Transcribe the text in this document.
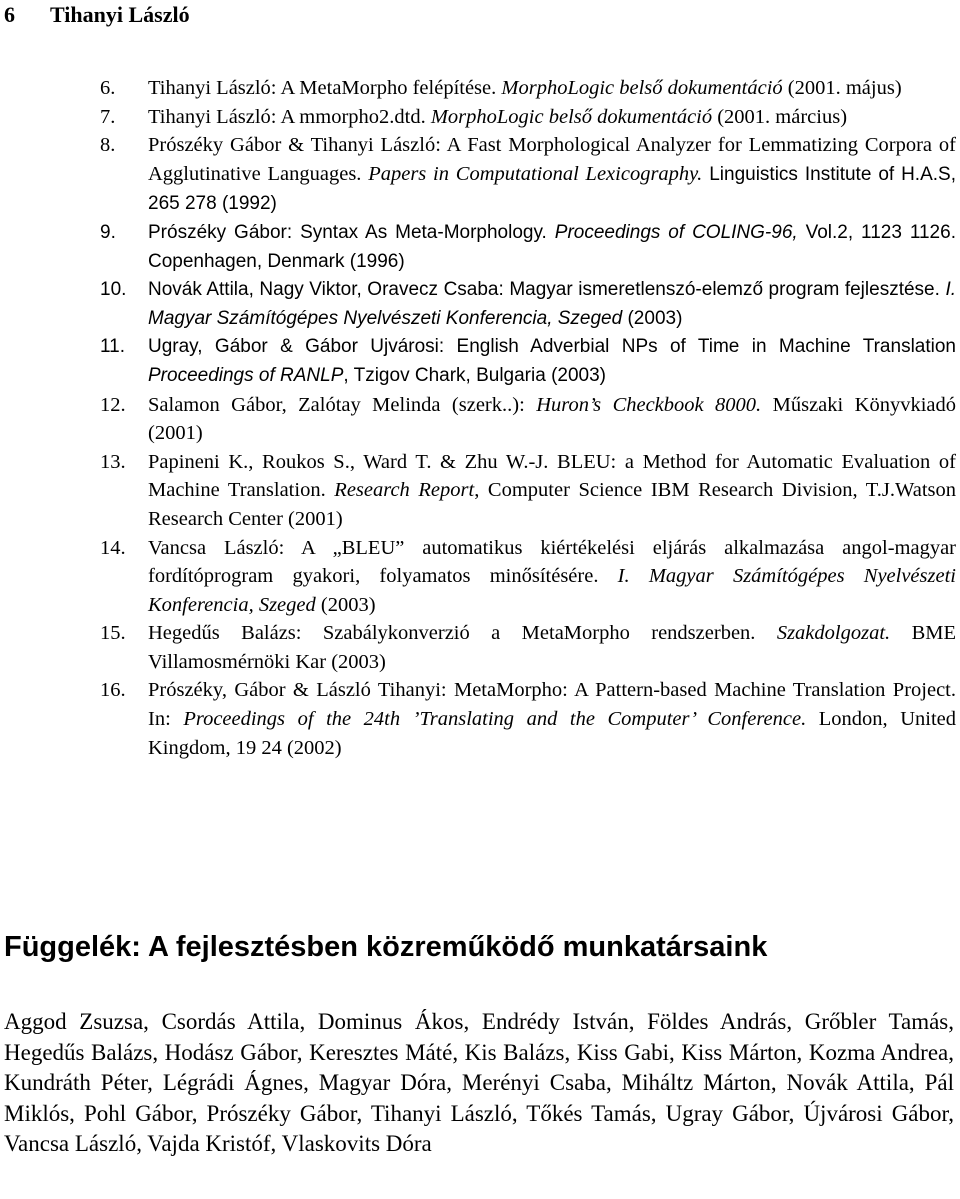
6 Tihanyi László
6. Tihanyi László: A MetaMorpho felépítése. MorphoLogic belső dokumentáció (2001. május)
7. Tihanyi László: A mmorpho2.dtd. MorphoLogic belső dokumentáció (2001. március)
8. Prószéky Gábor & Tihanyi László: A Fast Morphological Analyzer for Lemmatizing Corpora of Agglutinative Languages. Papers in Computational Lexicography. Linguistics Institute of H.A.S, 265 278 (1992)
9. Prószéky Gábor: Syntax As Meta-Morphology. Proceedings of COLING-96, Vol.2, 1123 1126. Copenhagen, Denmark (1996)
10. Novák Attila, Nagy Viktor, Oravecz Csaba: Magyar ismeretlenszó-elemző program fejlesztése. I. Magyar Számítógépes Nyelvészeti Konferencia, Szeged (2003)
11. Ugray, Gábor & Gábor Ujvárosi: English Adverbial NPs of Time in Machine Translation Proceedings of RANLP, Tzigov Chark, Bulgaria (2003)
12. Salamon Gábor, Zalótay Melinda (szerk..): Huron’s Checkbook 8000. Műszaki Könyvkiadó (2001)
13. Papineni K., Roukos S., Ward T. & Zhu W.-J. BLEU: a Method for Automatic Evaluation of Machine Translation. Research Report, Computer Science IBM Research Division, T.J.Watson Research Center (2001)
14. Vancsa László: A „BLEU” automatikus kiértékelési eljárás alkalmazása angol-magyar fordítóprogram gyakori, folyamatos minősítésére. I. Magyar Számítógépes Nyelvészeti Konferencia, Szeged (2003)
15. Hegedűs Balázs: Szabálykonverzió a MetaMorpho rendszerben. Szakdolgozat. BME Villamosmérnöki Kar (2003)
16. Prószéky, Gábor & László Tihanyi: MetaMorpho: A Pattern-based Machine Translation Project. In: Proceedings of the 24th ’Translating and the Computer’ Conference. London, United Kingdom, 19 24 (2002)
Függelék: A fejlesztésben közreműködő munkatársaink

Aggod Zsuzsa, Csordás Attila, Dominus Ákos, Endrédy István, Földes András, Grőbler Tamás, Hegedűs Balázs, Hodász Gábor, Keresztes Máté, Kis Balázs, Kiss Gabi, Kiss Márton, Kozma Andrea, Kundráth Péter, Légrádi Ágnes, Magyar Dóra, Merényi Csaba, Miháltz Márton, Novák Attila, Pál Miklós, Pohl Gábor, Prószéky Gábor, Tihanyi László, Tőkés Tamás, Ugray Gábor, Újvárosi Gábor, Vancsa László, Vajda Kristóf, Vlaskovits Dóra
